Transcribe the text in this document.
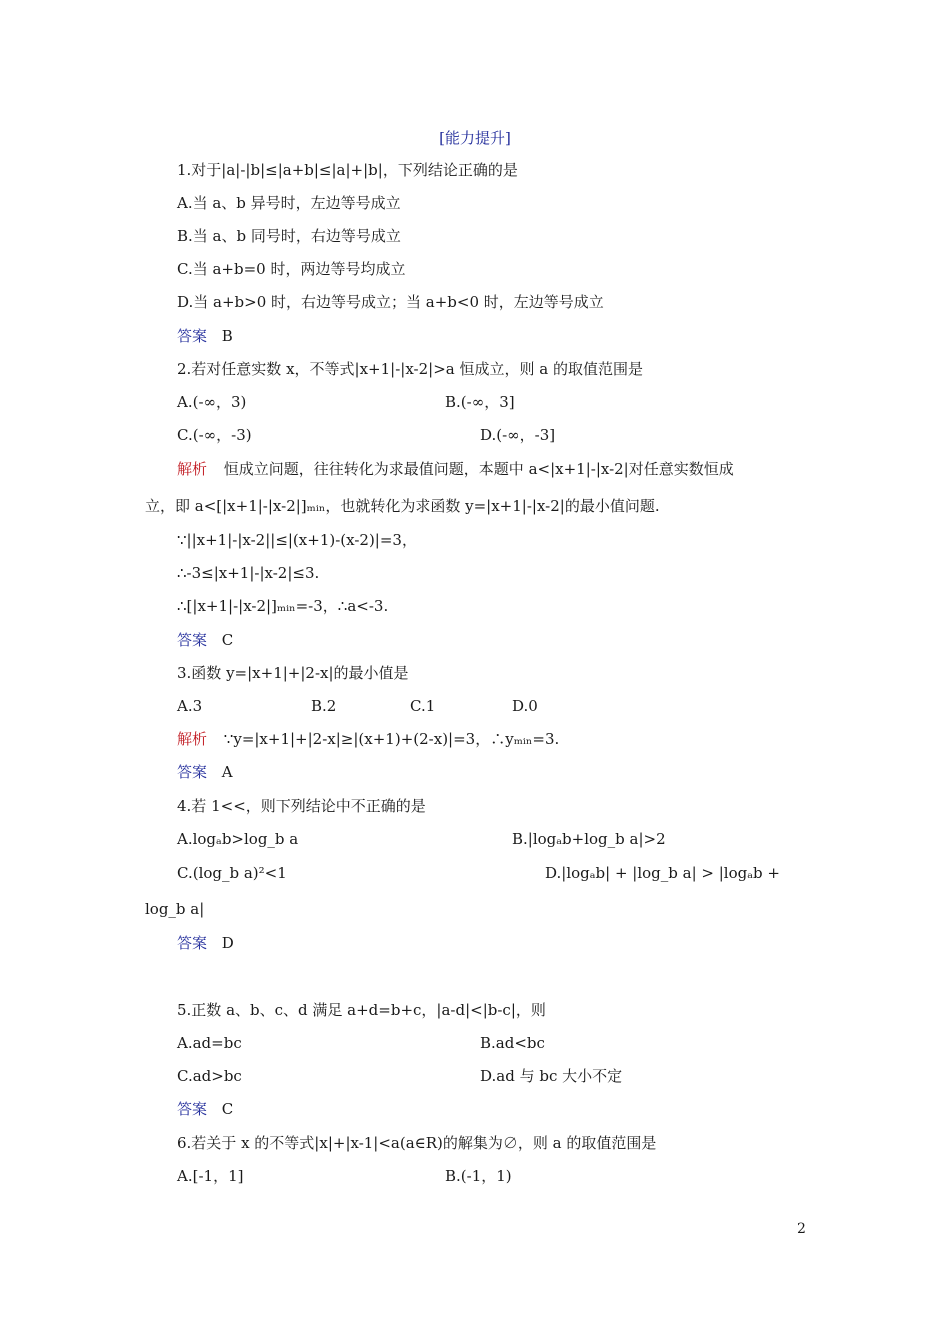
[能力提升]
1.对于|a|-|b|≤|a+b|≤|a|+|b|，下列结论正确的是
A.当 a、b 异号时，左边等号成立
B.当 a、b 同号时，右边等号成立
C.当 a+b=0 时，两边等号均成立
D.当 a+b>0 时，右边等号成立；当 a+b<0 时，左边等号成立
答案 B
2.若对任意实数 x，不等式|x+1|-|x-2|>a 恒成立，则 a 的取值范围是
A.(-∞，3)	B.(-∞，3]
C.(-∞，-3)	D.(-∞，-3]
解析 恒成立问题，往往转化为求最值问题，本题中 a<|x+1|-|x-2|对任意实数恒成
立，即 a<[|x+1|-|x-2|]ₘᵢₙ，也就转化为求函数 y=|x+1|-|x-2|的最小值问题.
∵||x+1|-|x-2||≤|(x+1)-(x-2)|=3，
∴-3≤|x+1|-|x-2|≤3.
∴[|x+1|-|x-2|]ₘᵢₙ=-3，∴a<-3.
答案 C
3.函数 y=|x+1|+|2-x|的最小值是
A.3	B.2	C.1	D.0
解析 ∵y=|x+1|+|2-x|≥|(x+1)+(2-x)|=3，∴yₘᵢₙ=3.
答案 A
4.若 1<<，则下列结论中不正确的是
A.logₐb>log_b a	B.|logₐb+log_b a|>2
C.(log_b a)²<1	D.|logₐb| + |log_b a| > |logₐb +
log_b a|
答案 D
5.正数 a、b、c、d 满足 a+d=b+c，|a-d|<|b-c|，则
A.ad=bc	B.ad<bc
C.ad>bc	D.ad 与 bc 大小不定
答案 C
6.若关于 x 的不等式|x|+|x-1|<a(a∈R)的解集为∅，则 a 的取值范围是
A.[-1，1]	B.(-1，1)
2
